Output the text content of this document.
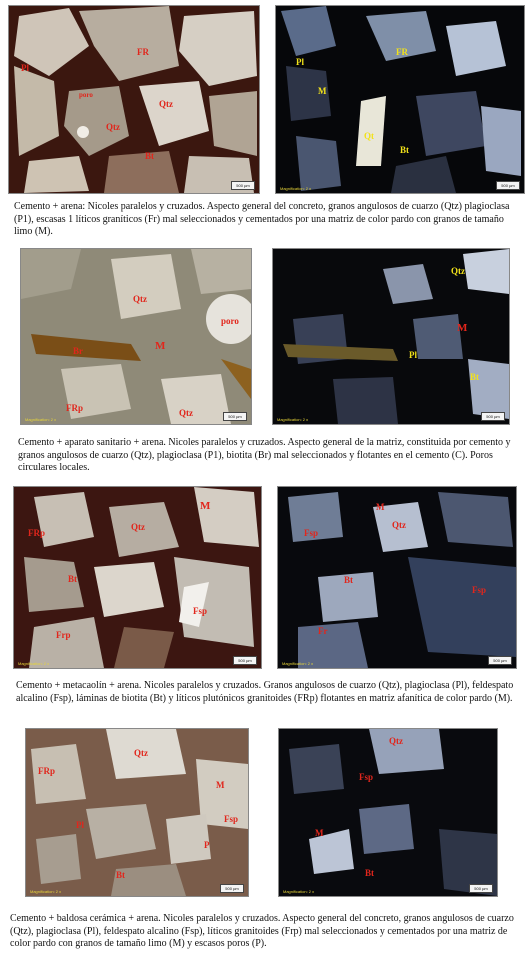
Pl
FR
poro
Qtz
Qtz
Bt
500 µm
Pl
FR
M
Qt
Bt
Magnification: 2 x
500 µm
Cemento + arena: Nicoles paralelos y cruzados. Aspecto general del concreto, granos angulosos de cuarzo (Qtz) plagioclasa (P1), escasas 1 líticos graníticos (Fr) mal seleccionados y cementados por una matriz de color pardo con granos de tamaño limo (M).
Qtz
poro
M
Br
FRp	Qtz
Magnification: 2 x
500 µm
Qtz
M
Pl
Bt
Magnification: 2 x
500 µm
Cemento + aparato sanitario + arena. Nicoles paralelos y cruzados. Aspecto general de la matriz, constituida por cemento y granos angulosos de cuarzo (Qtz), plagioclasa (P1), biotita (Br) mal seleccionados y flotantes en el cemento (C). Poros circulares locales.
M
FRp
Qtz
Bt
Fsp
Frp
Magnification: 2 x
500 µm
M
Fsp
Qtz
Bt
Fsp
Fr
Magnification: 2 x
500 µm
Cemento + metacaolín + arena. Nicoles paralelos y cruzados. Granos angulosos de cuarzo (Qtz), plagioclasa (Pl), feldespato alcalino (Fsp), láminas de biotita (Bt) y líticos plutónicos granitoides (FRp) flotantes en matriz afanítica de color pardo (M).
Qtz
FRp
M
Pl
Fsp
P
Bt
Magnification: 2 x
500 µm
Qtz
Fsp
M
Bt
Magnification: 2 x
500 µm
Cemento + baldosa cerámica + arena. Nicoles paralelos y cruzados. Aspecto general del concreto, granos angulosos de cuarzo (Qtz), plagioclasa (Pl), feldespato alcalino (Fsp), líticos granitoides (Frp) mal seleccionados y cementados por una matriz de color pardo con granos de tamaño limo (M) y escasos poros (P).
